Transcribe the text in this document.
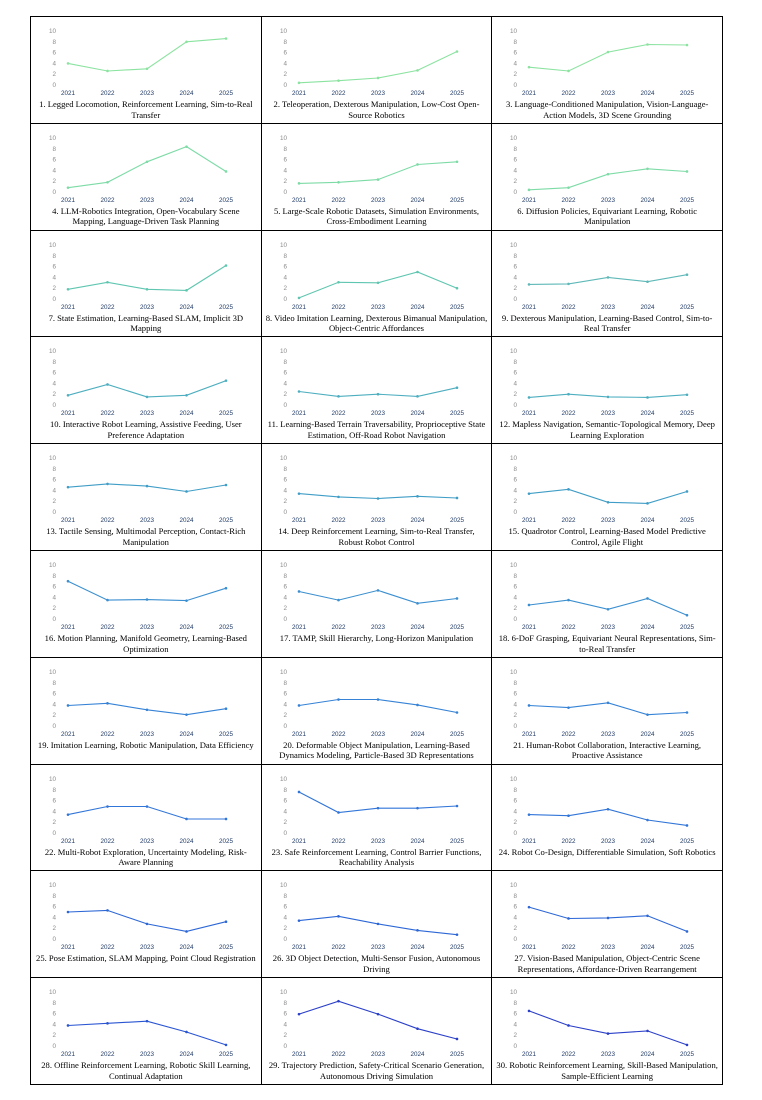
0
2
4
6
8
10
2021	2022	2023	2024	2025
1. Legged Locomotion, Reinforcement Learning, Sim-to-Real Transfer
0
2
4
6
8
10
2021	2022	2023	2024	2025
2. Teleoperation, Dexterous Manipulation, Low-Cost Open-Source Robotics
0
2
4
6
8
10
2021	2022	2023	2024	2025
3. Language-Conditioned Manipulation, Vision-Language-Action Models, 3D Scene Grounding
0
2
4
6
8
10
2021	2022	2023	2024	2025
4. LLM-Robotics Integration, Open-Vocabulary Scene Mapping, Language-Driven Task Planning
0
2
4
6
8
10
2021	2022	2023	2024	2025
5. Large-Scale Robotic Datasets, Simulation Environments, Cross-Embodiment Learning
0
2
4
6
8
10
2021	2022	2023	2024	2025
6. Diffusion Policies, Equivariant Learning, Robotic Manipulation
0
2
4
6
8
10
2021	2022	2023	2024	2025
7. State Estimation, Learning-Based SLAM, Implicit 3D Mapping
0
2
4
6
8
10
2021	2022	2023	2024	2025
8. Video Imitation Learning, Dexterous Bimanual Manipulation, Object-Centric Affordances
0
2
4
6
8
10
2021	2022	2023	2024	2025
9. Dexterous Manipulation, Learning-Based Control, Sim-to-Real Transfer
0
2
4
6
8
10
2021	2022	2023	2024	2025
10. Interactive Robot Learning, Assistive Feeding, User Preference Adaptation
0
2
4
6
8
10
2021	2022	2023	2024	2025
11. Learning-Based Terrain Traversability, Proprioceptive State Estimation, Off-Road Robot Navigation
0
2
4
6
8
10
2021	2022	2023	2024	2025
12. Mapless Navigation, Semantic-Topological Memory, Deep Learning Exploration
0
2
4
6
8
10
2021	2022	2023	2024	2025
13. Tactile Sensing, Multimodal Perception, Contact-Rich Manipulation
0
2
4
6
8
10
2021	2022	2023	2024	2025
14. Deep Reinforcement Learning, Sim-to-Real Transfer, Robust Robot Control
0
2
4
6
8
10
2021	2022	2023	2024	2025
15. Quadrotor Control, Learning-Based Model Predictive Control, Agile Flight
0
2
4
6
8
10
2021	2022	2023	2024	2025
16. Motion Planning, Manifold Geometry, Learning-Based Optimization
0
2
4
6
8
10
2021	2022	2023	2024	2025
17. TAMP, Skill Hierarchy, Long-Horizon Manipulation
0
2
4
6
8
10
2021	2022	2023	2024	2025
18. 6-DoF Grasping, Equivariant Neural Representations, Sim-to-Real Transfer
0
2
4
6
8
10
2021	2022	2023	2024	2025
19. Imitation Learning, Robotic Manipulation, Data Efficiency
0
2
4
6
8
10
2021	2022	2023	2024	2025
20. Deformable Object Manipulation, Learning-Based Dynamics Modeling, Particle-Based 3D Representations
0
2
4
6
8
10
2021	2022	2023	2024	2025
21. Human-Robot Collaboration, Interactive Learning, Proactive Assistance
0
2
4
6
8
10
2021	2022	2023	2024	2025
22. Multi-Robot Exploration, Uncertainty Modeling, Risk-Aware Planning
0
2
4
6
8
10
2021	2022	2023	2024	2025
23. Safe Reinforcement Learning, Control Barrier Functions, Reachability Analysis
0
2
4
6
8
10
2021	2022	2023	2024	2025
24. Robot Co-Design, Differentiable Simulation, Soft Robotics
0
2
4
6
8
10
2021	2022	2023	2024	2025
25. Pose Estimation, SLAM Mapping, Point Cloud Registration
0
2
4
6
8
10
2021	2022	2023	2024	2025
26. 3D Object Detection, Multi-Sensor Fusion, Autonomous Driving
0
2
4
6
8
10
2021	2022	2023	2024	2025
27. Vision-Based Manipulation, Object-Centric Scene Representations, Affordance-Driven Rearrangement
0
2
4
6
8
10
2021	2022	2023	2024	2025
28. Offline Reinforcement Learning, Robotic Skill Learning, Continual Adaptation
0
2
4
6
8
10
2021	2022	2023	2024	2025
29. Trajectory Prediction, Safety-Critical Scenario Generation, Autonomous Driving Simulation
0
2
4
6
8
10
2021	2022	2023	2024	2025
30. Robotic Reinforcement Learning, Skill-Based Manipulation, Sample-Efficient Learning
